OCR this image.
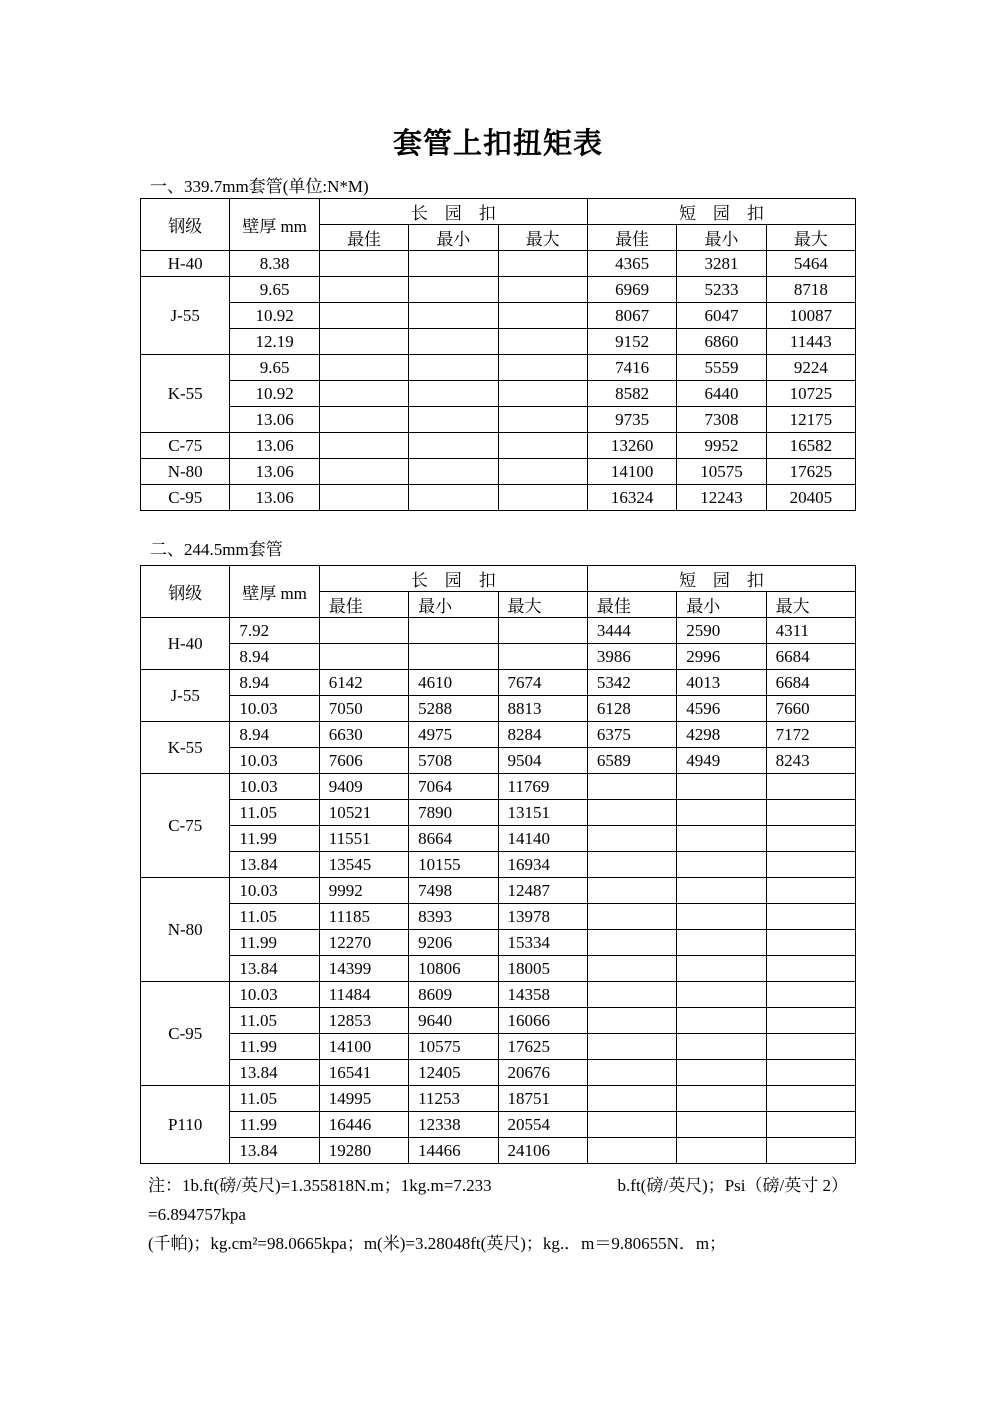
套管上扣扭矩表
一、339.7mm套管(单位:N*M)
钢级	壁厚 mm	长　园　扣			短　园　扣		
		最佳	最小	最大	最佳	最小	最大
H-40	8.38				4365	3281	5464
J-55	9.65				6969	5233	8718
	10.92				8067	6047	10087
	12.19				9152	6860	11443
K-55	9.65				7416	5559	9224
	10.92				8582	6440	10725
	13.06				9735	7308	12175
C-75	13.06				13260	9952	16582
N-80	13.06				14100	10575	17625
C-95	13.06				16324	12243	20405
二、244.5mm套管
钢级	壁厚 mm	长　园　扣			短　园　扣		
		最佳	最小	最大	最佳	最小	最大
H-40	7.92				3444	2590	4311
	8.94				3986	2996	6684
J-55	8.94	6142	4610	7674	5342	4013	6684
	10.03	7050	5288	8813	6128	4596	7660
K-55	8.94	6630	4975	8284	6375	4298	7172
	10.03	7606	5708	9504	6589	4949	8243
C-75	10.03	9409	7064	11769			
	11.05	10521	7890	13151			
	11.99	11551	8664	14140			
	13.84	13545	10155	16934			
N-80	10.03	9992	7498	12487			
	11.05	11185	8393	13978			
	11.99	12270	9206	15334			
	13.84	14399	10806	18005			
C-95	10.03	11484	8609	14358			
	11.05	12853	9640	16066			
	11.99	14100	10575	17625			
	13.84	16541	12405	20676			
P110	11.05	14995	11253	18751			
	11.99	16446	12338	20554			
	13.84	19280	14466	24106			
注：1b.ft(磅/英尺)=1.355818N.m；1kg.m=7.233	b.ft(磅/英尺)；Psi（磅/英寸 2）
=6.894757kpa
(千帕)；kg.cm²=98.0665kpa；m(米)=3.28048ft(英尺)；kg.．m＝9.80655N．m；
